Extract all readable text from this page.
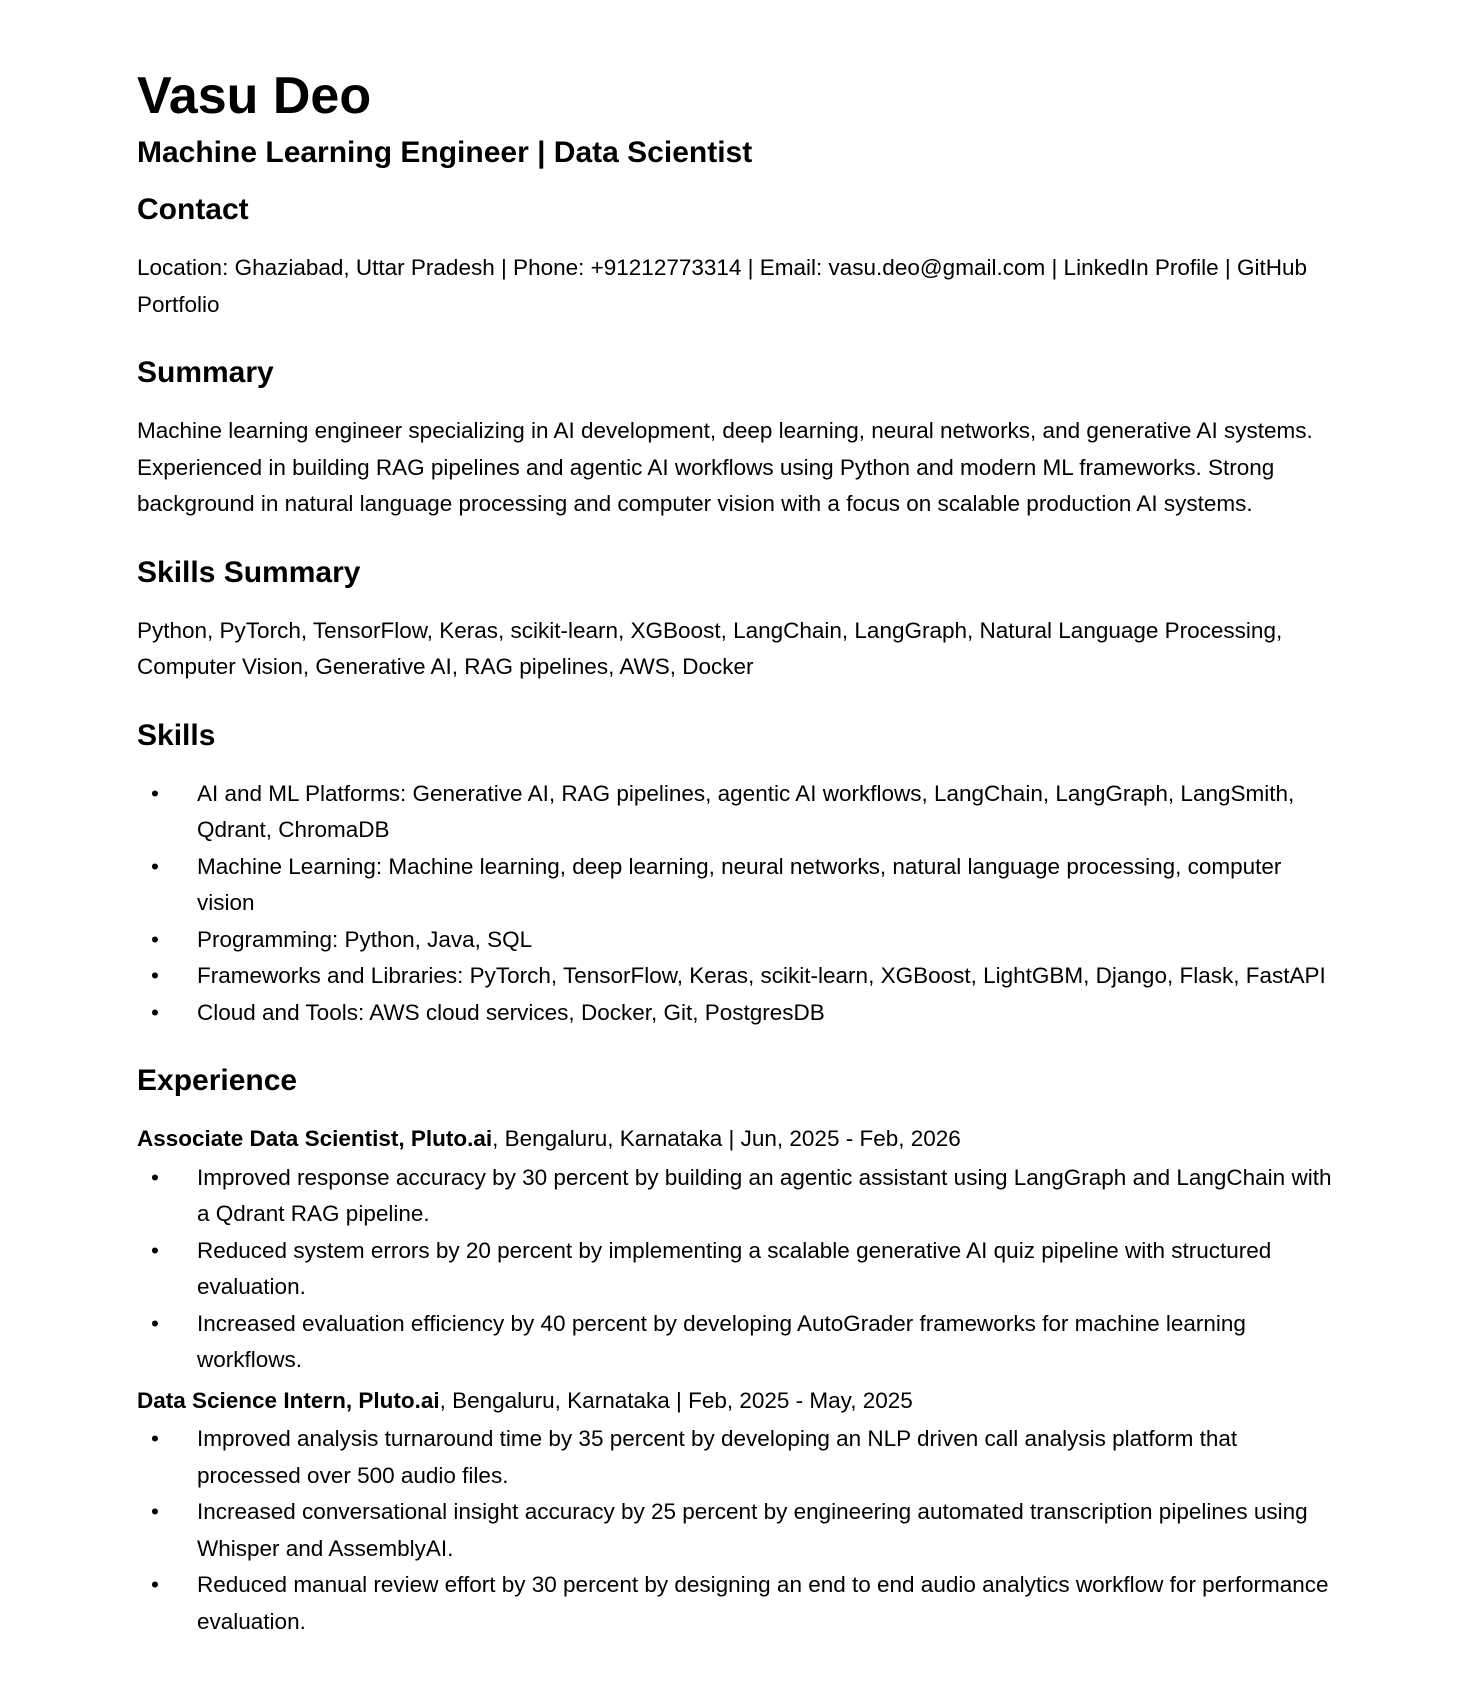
Vasu Deo
Machine Learning Engineer | Data Scientist
Contact

Location: Ghaziabad, Uttar Pradesh | Phone: +91212773314 | Email: vasu.deo@gmail.com | LinkedIn Profile | GitHub Portfolio

Summary

Machine learning engineer specializing in AI development, deep learning, neural networks, and generative AI systems. Experienced in building RAG pipelines and agentic AI workflows using Python and modern ML frameworks. Strong background in natural language processing and computer vision with a focus on scalable production AI systems.

Skills Summary

Python, PyTorch, TensorFlow, Keras, scikit-learn, XGBoost, LangChain, LangGraph, Natural Language Processing, Computer Vision, Generative AI, RAG pipelines, AWS, Docker

Skills
• AI and ML Platforms: Generative AI, RAG pipelines, agentic AI workflows, LangChain, LangGraph, LangSmith, Qdrant, ChromaDB
• Machine Learning: Machine learning, deep learning, neural networks, natural language processing, computer vision
• Programming: Python, Java, SQL
• Frameworks and Libraries: PyTorch, TensorFlow, Keras, scikit-learn, XGBoost, LightGBM, Django, Flask, FastAPI
• Cloud and Tools: AWS cloud services, Docker, Git, PostgresDB
Experience

Associate Data Scientist, Pluto.ai, Bengaluru, Karnataka | Jun, 2025 - Feb, 2026

• Improved response accuracy by 30 percent by building an agentic assistant using LangGraph and LangChain with a Qdrant RAG pipeline.
• Reduced system errors by 20 percent by implementing a scalable generative AI quiz pipeline with structured evaluation.
• Increased evaluation efficiency by 40 percent by developing AutoGrader frameworks for machine learning workflows.

Data Science Intern, Pluto.ai, Bengaluru, Karnataka | Feb, 2025 - May, 2025

• Improved analysis turnaround time by 35 percent by developing an NLP driven call analysis platform that processed over 500 audio files.
• Increased conversational insight accuracy by 25 percent by engineering automated transcription pipelines using Whisper and AssemblyAI.
• Reduced manual review effort by 30 percent by designing an end to end audio analytics workflow for performance evaluation.
